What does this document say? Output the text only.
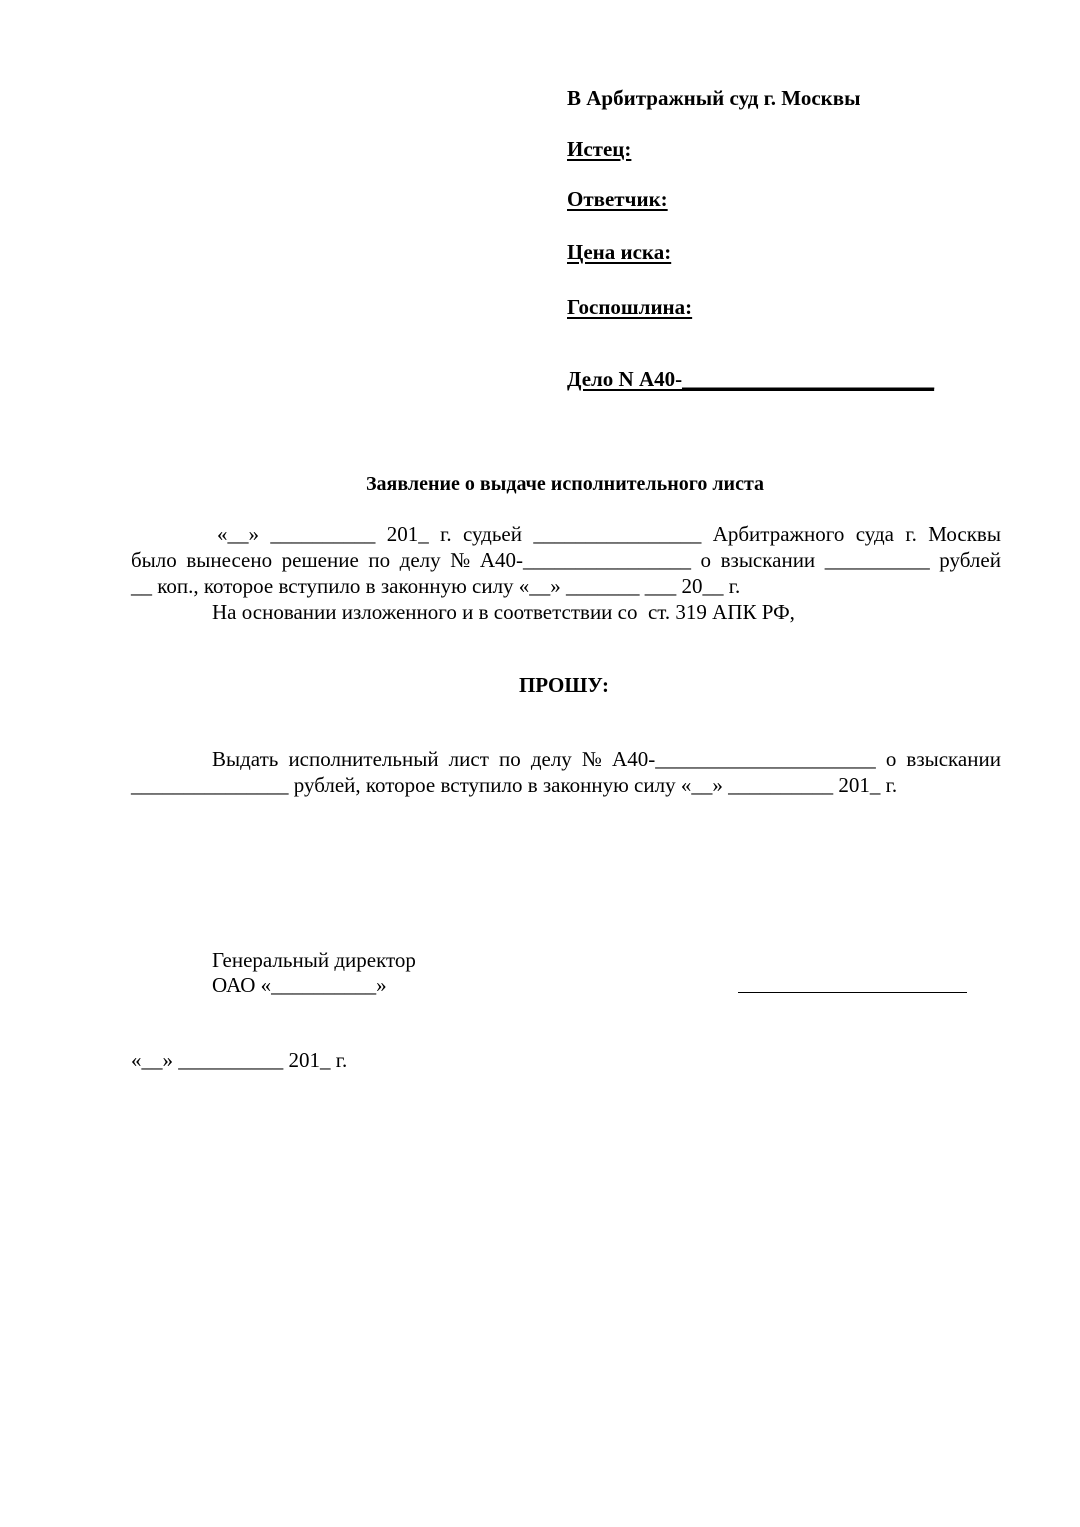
В Арбитражный суд г. Москвы
Истец:
Ответчик:
Цена иска:
Госпошлина:
Дело N А40-________________________
Заявление о выдаче исполнительного листа
«__» __________ 201_ г. судьей ________________ Арбитражного суда г. Москвы
было вынесено решение по делу № А40-________________ о взыскании __________ рублей
__ коп., которое вступило в законную силу «__» _______ ___ 20__ г.
На основании изложенного и в соответствии со  ст. 319 АПК РФ,
ПРОШУ:
Выдать исполнительный лист по делу № А40-_____________________ о взыскании
_______________ рублей, которое вступило в законную силу «__» __________ 201_ г.
Генеральный директор
ОАО «__________»
«__» __________ 201_ г.
